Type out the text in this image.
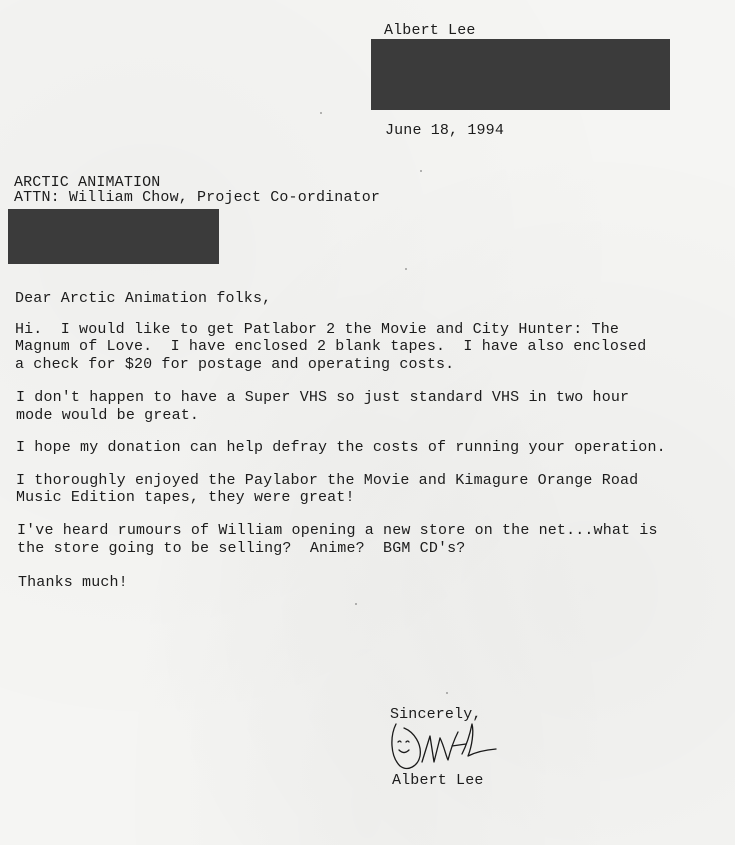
Albert Lee
June 18, 1994
ARCTIC ANIMATION
ATTN: William Chow, Project Co-ordinator
Dear Arctic Animation folks,
Hi.  I would like to get Patlabor 2 the Movie and City Hunter: The
Magnum of Love.  I have enclosed 2 blank tapes.  I have also enclosed
a check for $20 for postage and operating costs.
I don't happen to have a Super VHS so just standard VHS in two hour
mode would be great.
I hope my donation can help defray the costs of running your operation.
I thoroughly enjoyed the Paylabor the Movie and Kimagure Orange Road
Music Edition tapes, they were great!
I've heard rumours of William opening a new store on the net...what is
the store going to be selling?  Anime?  BGM CD's?
Thanks much!
Sincerely,
Albert Lee
